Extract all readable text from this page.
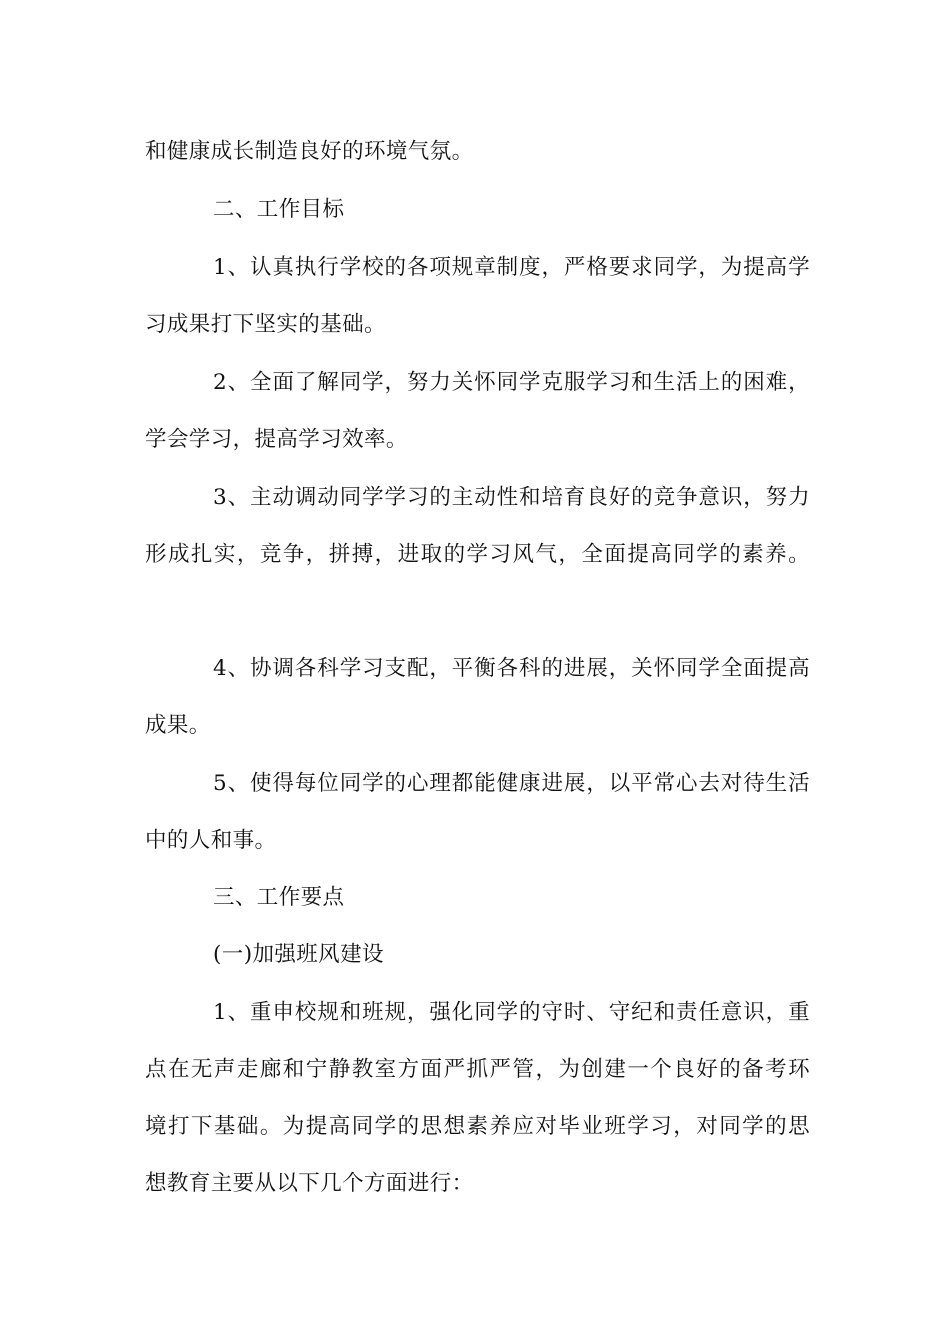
和健康成长制造良好的环境气氛。
二、工作目标
1、认真执行学校的各项规章制度，严格要求同学，为提高学
习成果打下坚实的基础。
2、全面了解同学，努力关怀同学克服学习和生活上的困难，
学会学习，提高学习效率。
3、主动调动同学学习的主动性和培育良好的竞争意识，努力
形成扎实，竞争，拼搏，进取的学习风气，全面提高同学的素养。
4、协调各科学习支配，平衡各科的进展，关怀同学全面提高
成果。
5、使得每位同学的心理都能健康进展，以平常心去对待生活
中的人和事。
三、工作要点
(一)加强班风建设
1、重申校规和班规，强化同学的守时、守纪和责任意识，重
点在无声走廊和宁静教室方面严抓严管，为创建一个良好的备考环
境打下基础。为提高同学的思想素养应对毕业班学习，对同学的思
想教育主要从以下几个方面进行：
